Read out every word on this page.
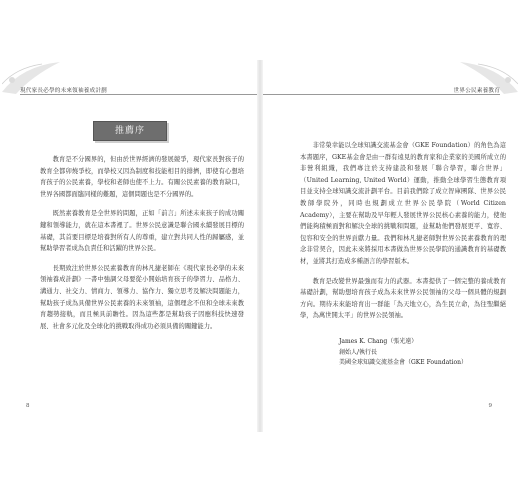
現代家長必學的未來領袖養成計劃
推薦序

教育是不分國界的，但由於世界經濟的發展競爭，現代家長對孩子的教育全都卯燒爭校，而學校又因為制度和技能相目的排擠，即使有心想培育孩子的公民素養，學校和老師也使不上力。有關公民素養的教育缺口，世界各國都面臨同樣的難題，這個問題也是不分國界的。

既然素養教育是全世界的問題，正如「前言」所述未來孩子的成功關鍵和領導能力，就在這本書裡了。世界公民意識是聯合國永續發展目標的基礎，其首要目標是培養對所有人的尊重，建立對共同人性的歸屬感，並幫助學習者成為負責任和活躍的世界公民。

長期致注於世界公民素養教育的林凡捷老師在《現代家長必學的未來領袖養成計劃》一書中強調父母要從小開始培育孩子的學習力、品格力、溝通力、社交力、情商力、領導力、協作力、獨立思考及解決問題能力，幫助孩子成為具備世界公民素養的未來領袖，這個理念不但和全球未來教育趨勢接軌，而且極具前瞻性。因為這些都是幫助孩子因應科技快速發展、社會多元化及全球化的挑戰取得成功必須具備的關鍵能力。

8
世界公民素養教育

非常榮幸能以全球知識交流基金會（GKE Foundation）的角色為這本書題序，GKE基金會是由一群有遠見的教育家和企業家的美國所成立的非營利組織，我們專注於支持建設和發展「聯合學習，聯合世界」（United Learning, United World）運動，推動全球學習生態教育項目並支持全球知識交流計劃平台。目前我們除了成立智庫團隊、世界公民教師學院外，同時也規劃成立世界公民學院（World Citizen Academy），主要在幫助及早年輕人發展世界公民核心素養的能力，使他們能夠積極面對和解決全球的挑戰和問題，並幫助他們發展更平、寬容、包容和安全的世界貢獻力量。我們和林凡捷老師對世界公民素養教育的理念非常契合，因此未來將採用本書做為世界公民學院的通識教育的基礎教材，並將其打造成多種語言的學習版本。

教育是改變世界最強而有力的武器。本書提供了一個完整的養成教育基礎計劃，幫助想培育孩子成為未來世界公民領袖的父母一個具體的規劃方向。期待未來能培育出一群能「為天地立心，為生民立命，為往聖繼絕學，為萬世開太平」的世界公民領袖。

9
James K. Chang（張光遠）
創始人/執行長
美國全球知識交流基金會（GKE Foundation）
